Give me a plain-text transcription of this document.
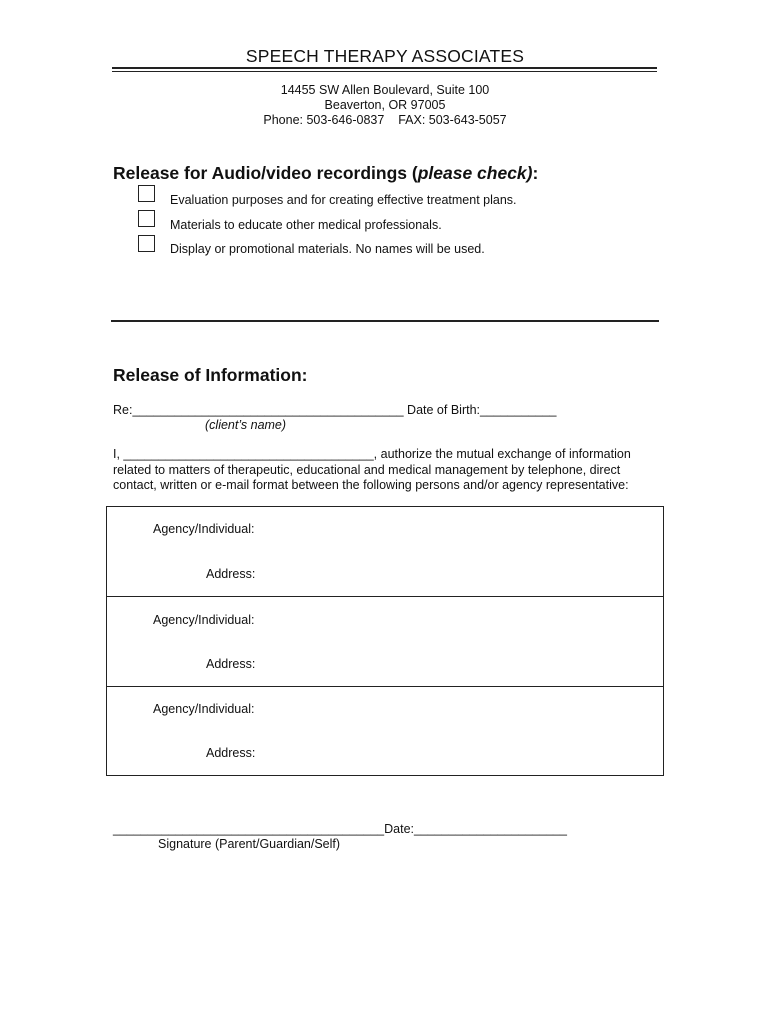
SPEECH THERAPY ASSOCIATES
14455 SW Allen Boulevard, Suite 100
Beaverton, OR 97005
Phone: 503-646-0837    FAX: 503-643-5057
Release for Audio/video recordings (please check):
Evaluation purposes and for creating effective treatment plans.
Materials to educate other medical professionals.
Display or promotional materials. No names will be used.
Release of Information:
Re:_______________________________________ Date of Birth:___________
(client’s name)
I, ____________________________________, authorize the mutual exchange of information
related to matters of therapeutic, educational and medical management by telephone, direct
contact, written or e-mail format between the following persons and/or agency representative:
Agency/Individual:
Address:
Agency/Individual:
Address:
Agency/Individual:
Address:
_______________________________________Date:______________________
Signature (Parent/Guardian/Self)
